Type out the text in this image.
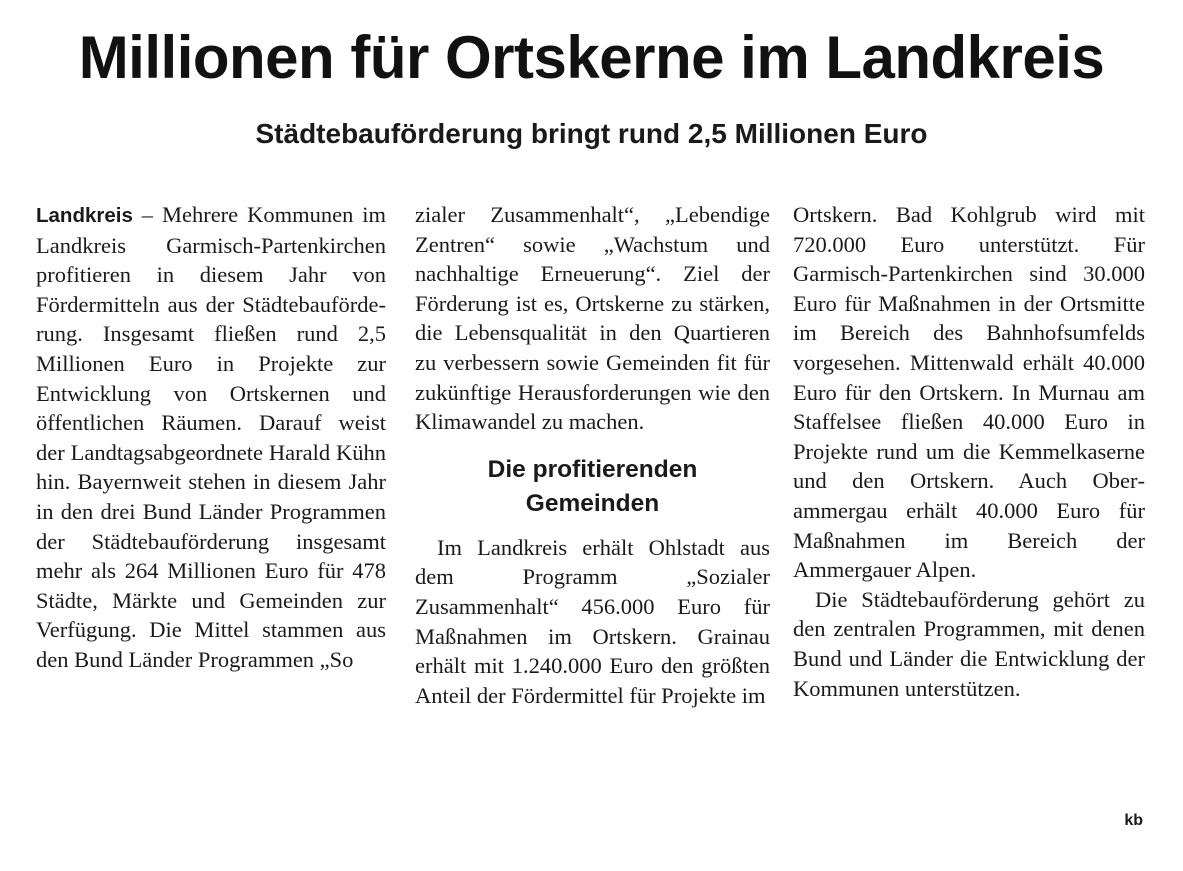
Millionen für Ortskerne im Landkreis
Städtebauförderung bringt rund 2,5 Millionen Euro

Landkreis – Mehrere Kommunen im Landkreis Garmisch-Partenkirchen profitieren in diesem Jahr von Fördermitteln aus der Städtebauförderung. Insgesamt fließen rund 2,5 Millionen Euro in Projekte zur Entwicklung von Ortskernen und öffentlichen Räumen. Darauf weist der Landtagsabgeordnete Harald Kühn hin. Bayernweit stehen in diesem Jahr in den drei Bund Länder Programmen der Städtebauförderung insgesamt mehr als 264 Millionen Euro für 478 Städte, Märkte und Gemeinden zur Verfügung. Die Mittel stammen aus den Bund Länder Programmen „So

zialer Zusammenhalt“, „Lebendige Zentren“ sowie „Wachstum und nachhaltige Erneuerung“. Ziel der Förderung ist es, Ortskerne zu stärken, die Lebensqualität in den Quartieren zu verbessern sowie Gemeinden fit für zukünftige Herausforderungen wie den Klimawandel zu machen.

Die profitierenden
Gemeinden

Im Landkreis erhält Ohlstadt aus dem Programm „Sozialer Zusammenhalt“ 456.000 Euro für Maßnahmen im Ortskern. Grainau erhält mit 1.240.000 Euro den größten Anteil der Fördermittel für Projekte im

Ortskern. Bad Kohlgrub wird mit 720.000 Euro unterstützt. Für Garmisch-Partenkirchen sind 30.000 Euro für Maßnahmen in der Ortsmitte im Bereich des Bahnhofsumfelds vorgesehen. Mittenwald erhält 40.000 Euro für den Ortskern. In Murnau am Staffelsee fließen 40.000 Euro in Projekte rund um die Kemmelkaserne und den Ortskern. Auch Oberammergau erhält 40.000 Euro für Maßnahmen im Bereich der Ammergauer Alpen.

Die Städtebauförderung gehört zu den zentralen Programmen, mit denen Bund und Länder die Entwicklung der Kommunen unterstützen.

kb
